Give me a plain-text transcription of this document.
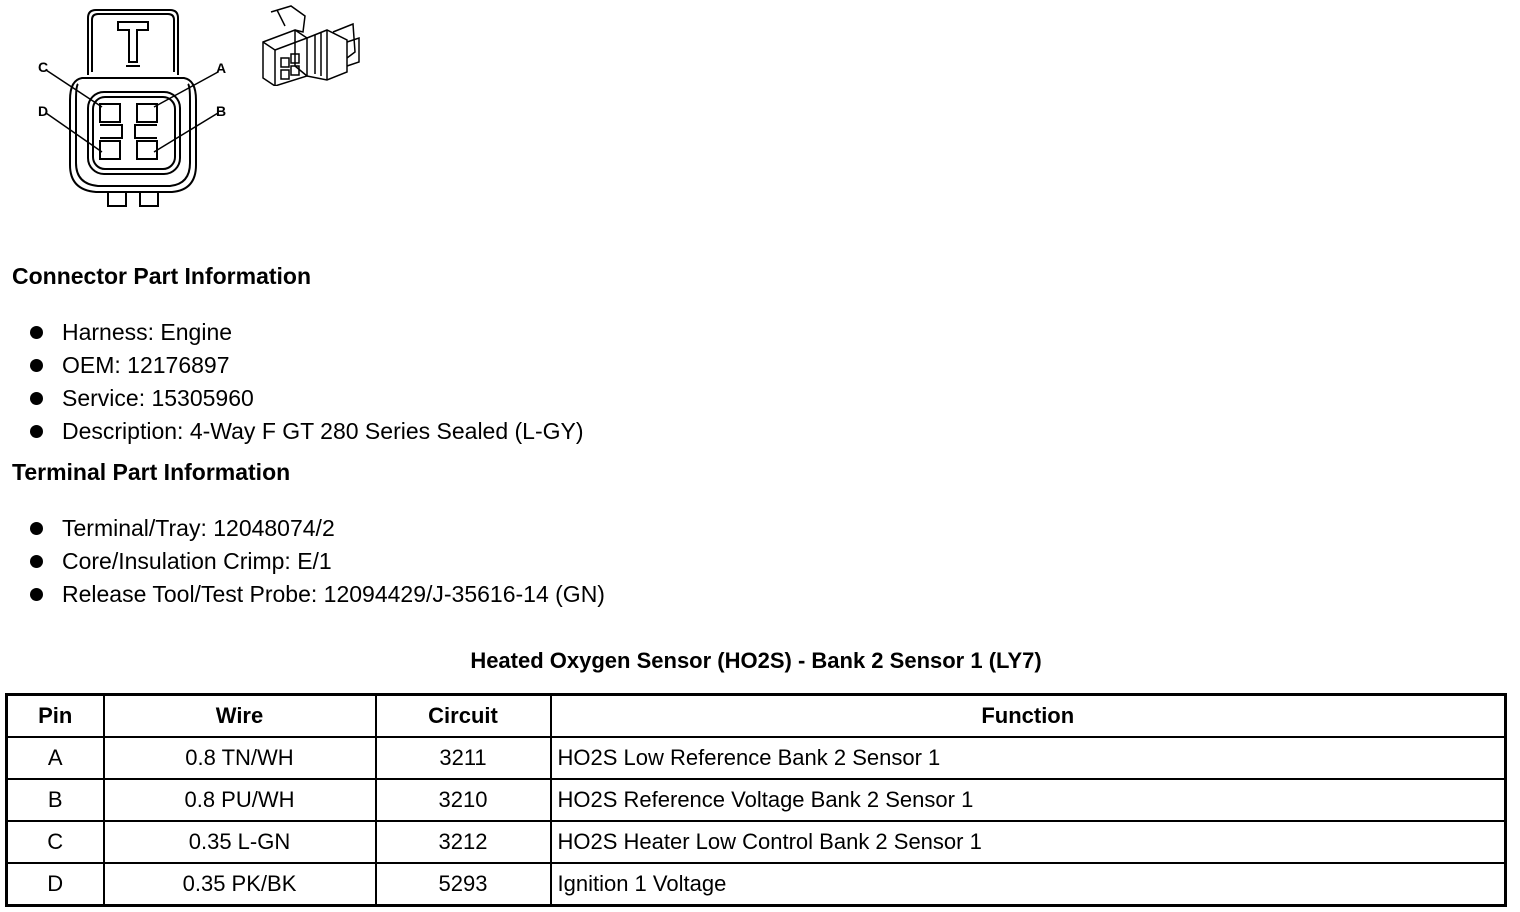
C	A
D	B
Connector Part Information
Harness: Engine
OEM: 12176897
Service: 15305960
Description: 4-Way F GT 280 Series Sealed (L-GY)
Terminal Part Information
Terminal/Tray: 12048074/2
Core/Insulation Crimp: E/1
Release Tool/Test Probe: 12094429/J-35616-14 (GN)
Heated Oxygen Sensor (HO2S) - Bank 2 Sensor 1 (LY7)
Pin	Wire	Circuit	Function
A	0.8 TN/WH	3211	HO2S Low Reference Bank 2 Sensor 1
B	0.8 PU/WH	3210	HO2S Reference Voltage Bank 2 Sensor 1
C	0.35 L-GN	3212	HO2S Heater Low Control Bank 2 Sensor 1
D	0.35 PK/BK	5293	Ignition 1 Voltage
